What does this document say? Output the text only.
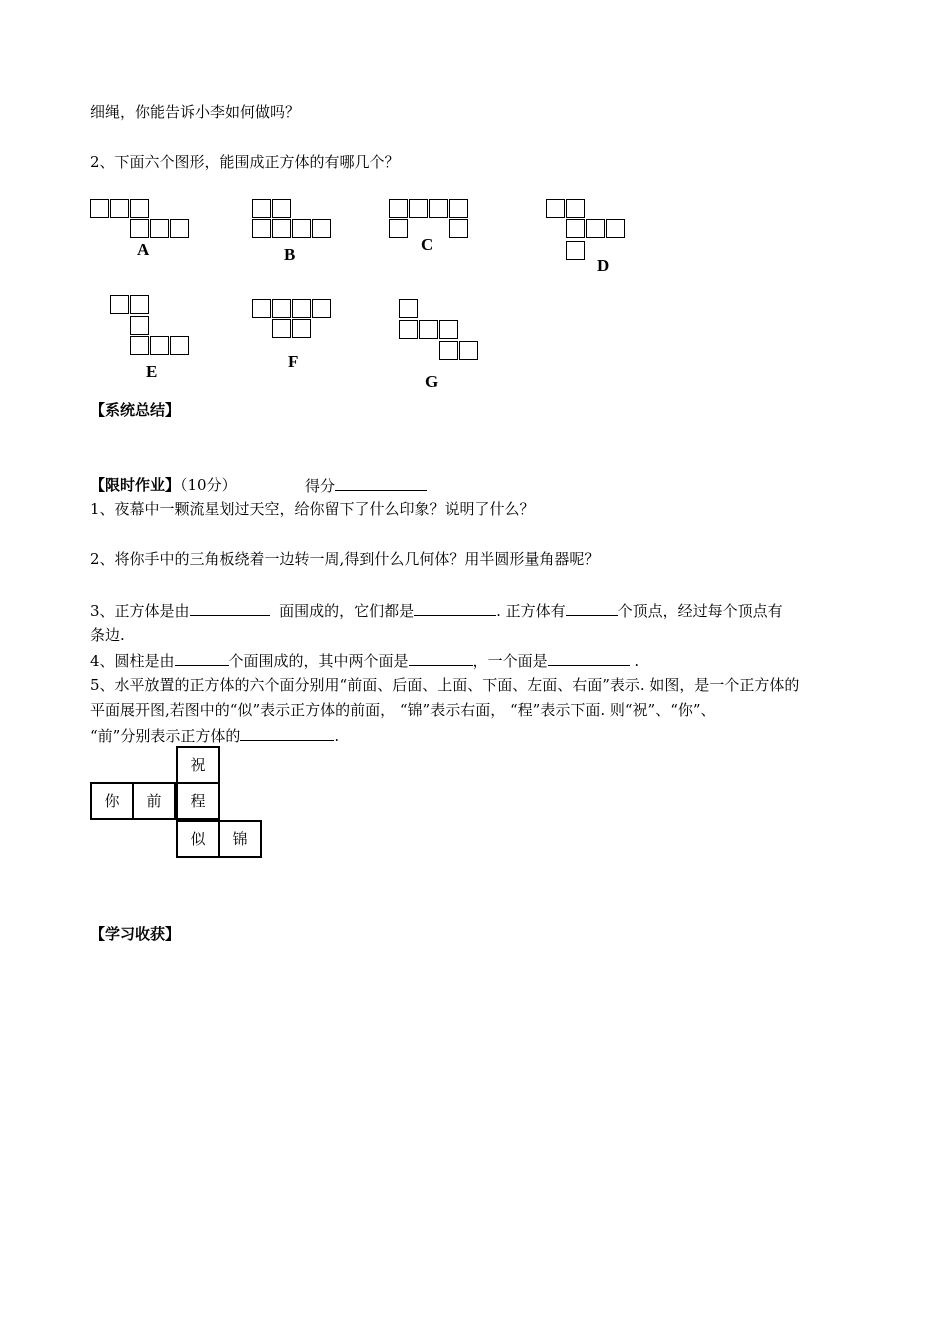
细绳，你能告诉小李如何做吗？
2、下面六个图形，能围成正方体的有哪几个？
A	B
C
D
E
F
G
【系统总结】
【限时作业】（10分）	得分
1、夜幕中一颗流星划过天空，给你留下了什么印象？说明了什么？
2、将你手中的三角板绕着一边转一周,得到什么几何体？用半圆形量角器呢？
3、正方体是由	面围成的，它们都是	. 正方体有	个顶点，经过每个顶点有
条边.
4、圆柱是由	个面围成的，其中两个面是	，一个面是	.
5、水平放置的正方体的六个面分别用“前面、后面、上面、下面、左面、右面”表示. 如图，是一个正方体的
平面展开图,若图中的“似”表示正方体的前面， “锦”表示右面， “程”表示下面. 则“祝”、“你”、
“前”分别表示正方体的	.
祝
你	前	程
似	锦
【学习收获】
